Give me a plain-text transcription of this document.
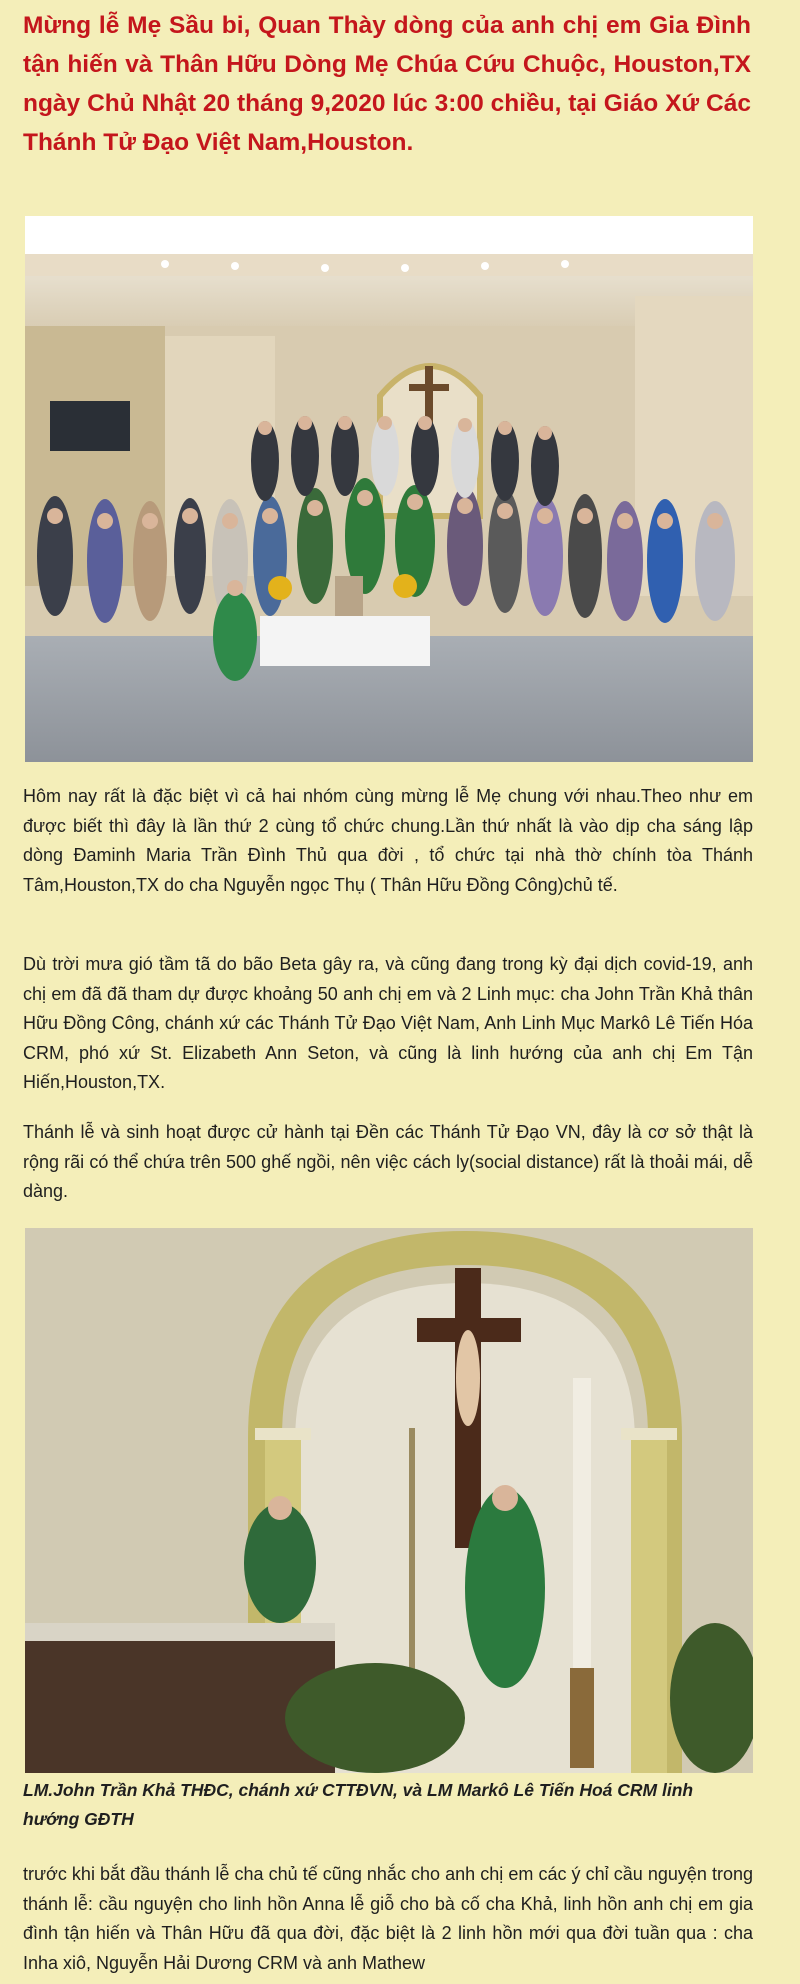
Mừng lễ Mẹ Sầu bi, Quan Thày dòng của anh chị em Gia Đình tận hiến và Thân Hữu Dòng Mẹ Chúa Cứu Chuộc, Houston,TX ngày Chủ Nhật 20 tháng 9,2020 lúc 3:00 chiều, tại Giáo Xứ Các Thánh Tử Đạo Việt Nam,Houston.

Hôm nay rất là đặc biệt vì cả hai nhóm cùng mừng lễ Mẹ chung với nhau.Theo như em được biết thì đây là lần thứ 2 cùng tổ chức chung.Lần thứ nhất là vào dịp cha sáng lập dòng Đaminh Maria Trần Đình Thủ qua đời , tổ chức tại nhà thờ chính tòa Thánh Tâm,Houston,TX do cha Nguyễn ngọc Thụ ( Thân Hữu Đồng Công)chủ tế.

Dù trời mưa gió tầm tã do bão Beta gây ra, và cũng đang trong kỳ đại dịch covid-19, anh chị em đã đã tham dự được khoảng 50 anh chị em và 2 Linh mục: cha John Trần Khả thân Hữu Đồng Công, chánh xứ các Thánh Tử Đạo Việt Nam, Anh Linh Mục Markô Lê Tiến Hóa CRM, phó xứ St. Elizabeth Ann Seton, và cũng là linh hướng của anh chị Em Tận Hiến,Houston,TX.

Thánh lễ và sinh hoạt được cử hành tại Đền các Thánh Tử Đạo VN, đây là cơ sở thật là rộng rãi có thể chứa trên 500 ghế ngồi, nên việc cách ly(social distance) rất là thoải mái, dễ dàng.

LM.John Trần Khả THĐC, chánh xứ CTTĐVN, và LM Markô Lê Tiến Hoá CRM linh hướng GĐTH

trước khi bắt đầu thánh lễ cha chủ tế cũng nhắc cho anh chị em các ý chỉ cầu nguyện trong thánh lễ: cầu nguyện cho linh hồn Anna lễ giỗ cho bà cố cha Khả, linh hồn anh chị em gia đình tận hiến và Thân Hữu đã qua đời, đặc biệt là 2 linh hồn mới qua đời tuần qua : cha Inha xiô, Nguyễn Hải Dương CRM và anh Mathew
